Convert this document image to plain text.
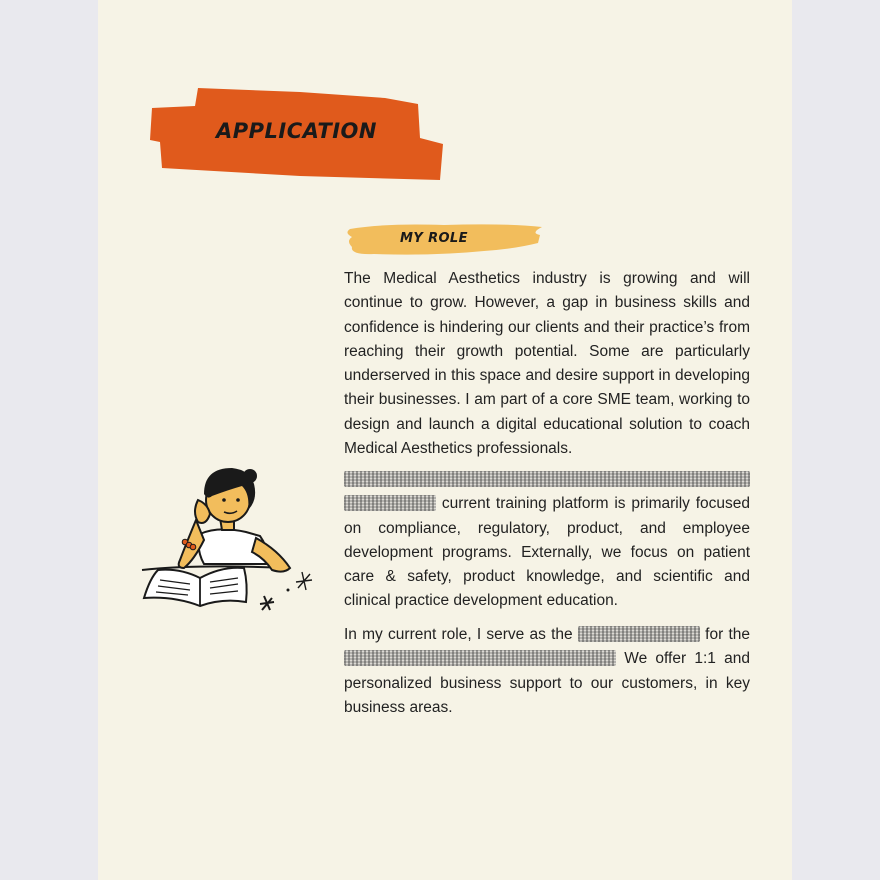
APPLICATION
MY ROLE

The Medical Aesthetics industry is growing and will continue to grow. However, a gap in business skills and confidence is hindering our clients and their practice’s from reaching their growth potential. Some are particularly underserved in this space and desire support in developing their businesses. I am part of a core SME team, working to design and launch a digital educational solution to coach Medical Aesthetics professionals.

current training platform is primarily focused on compliance, regulatory, product, and employee development programs. Externally, we focus on patient care & safety, product knowledge, and scientific and clinical practice development education.

In my current role, I serve as the	for the  We offer 1:1 and personalized business support to our customers, in key business areas.
